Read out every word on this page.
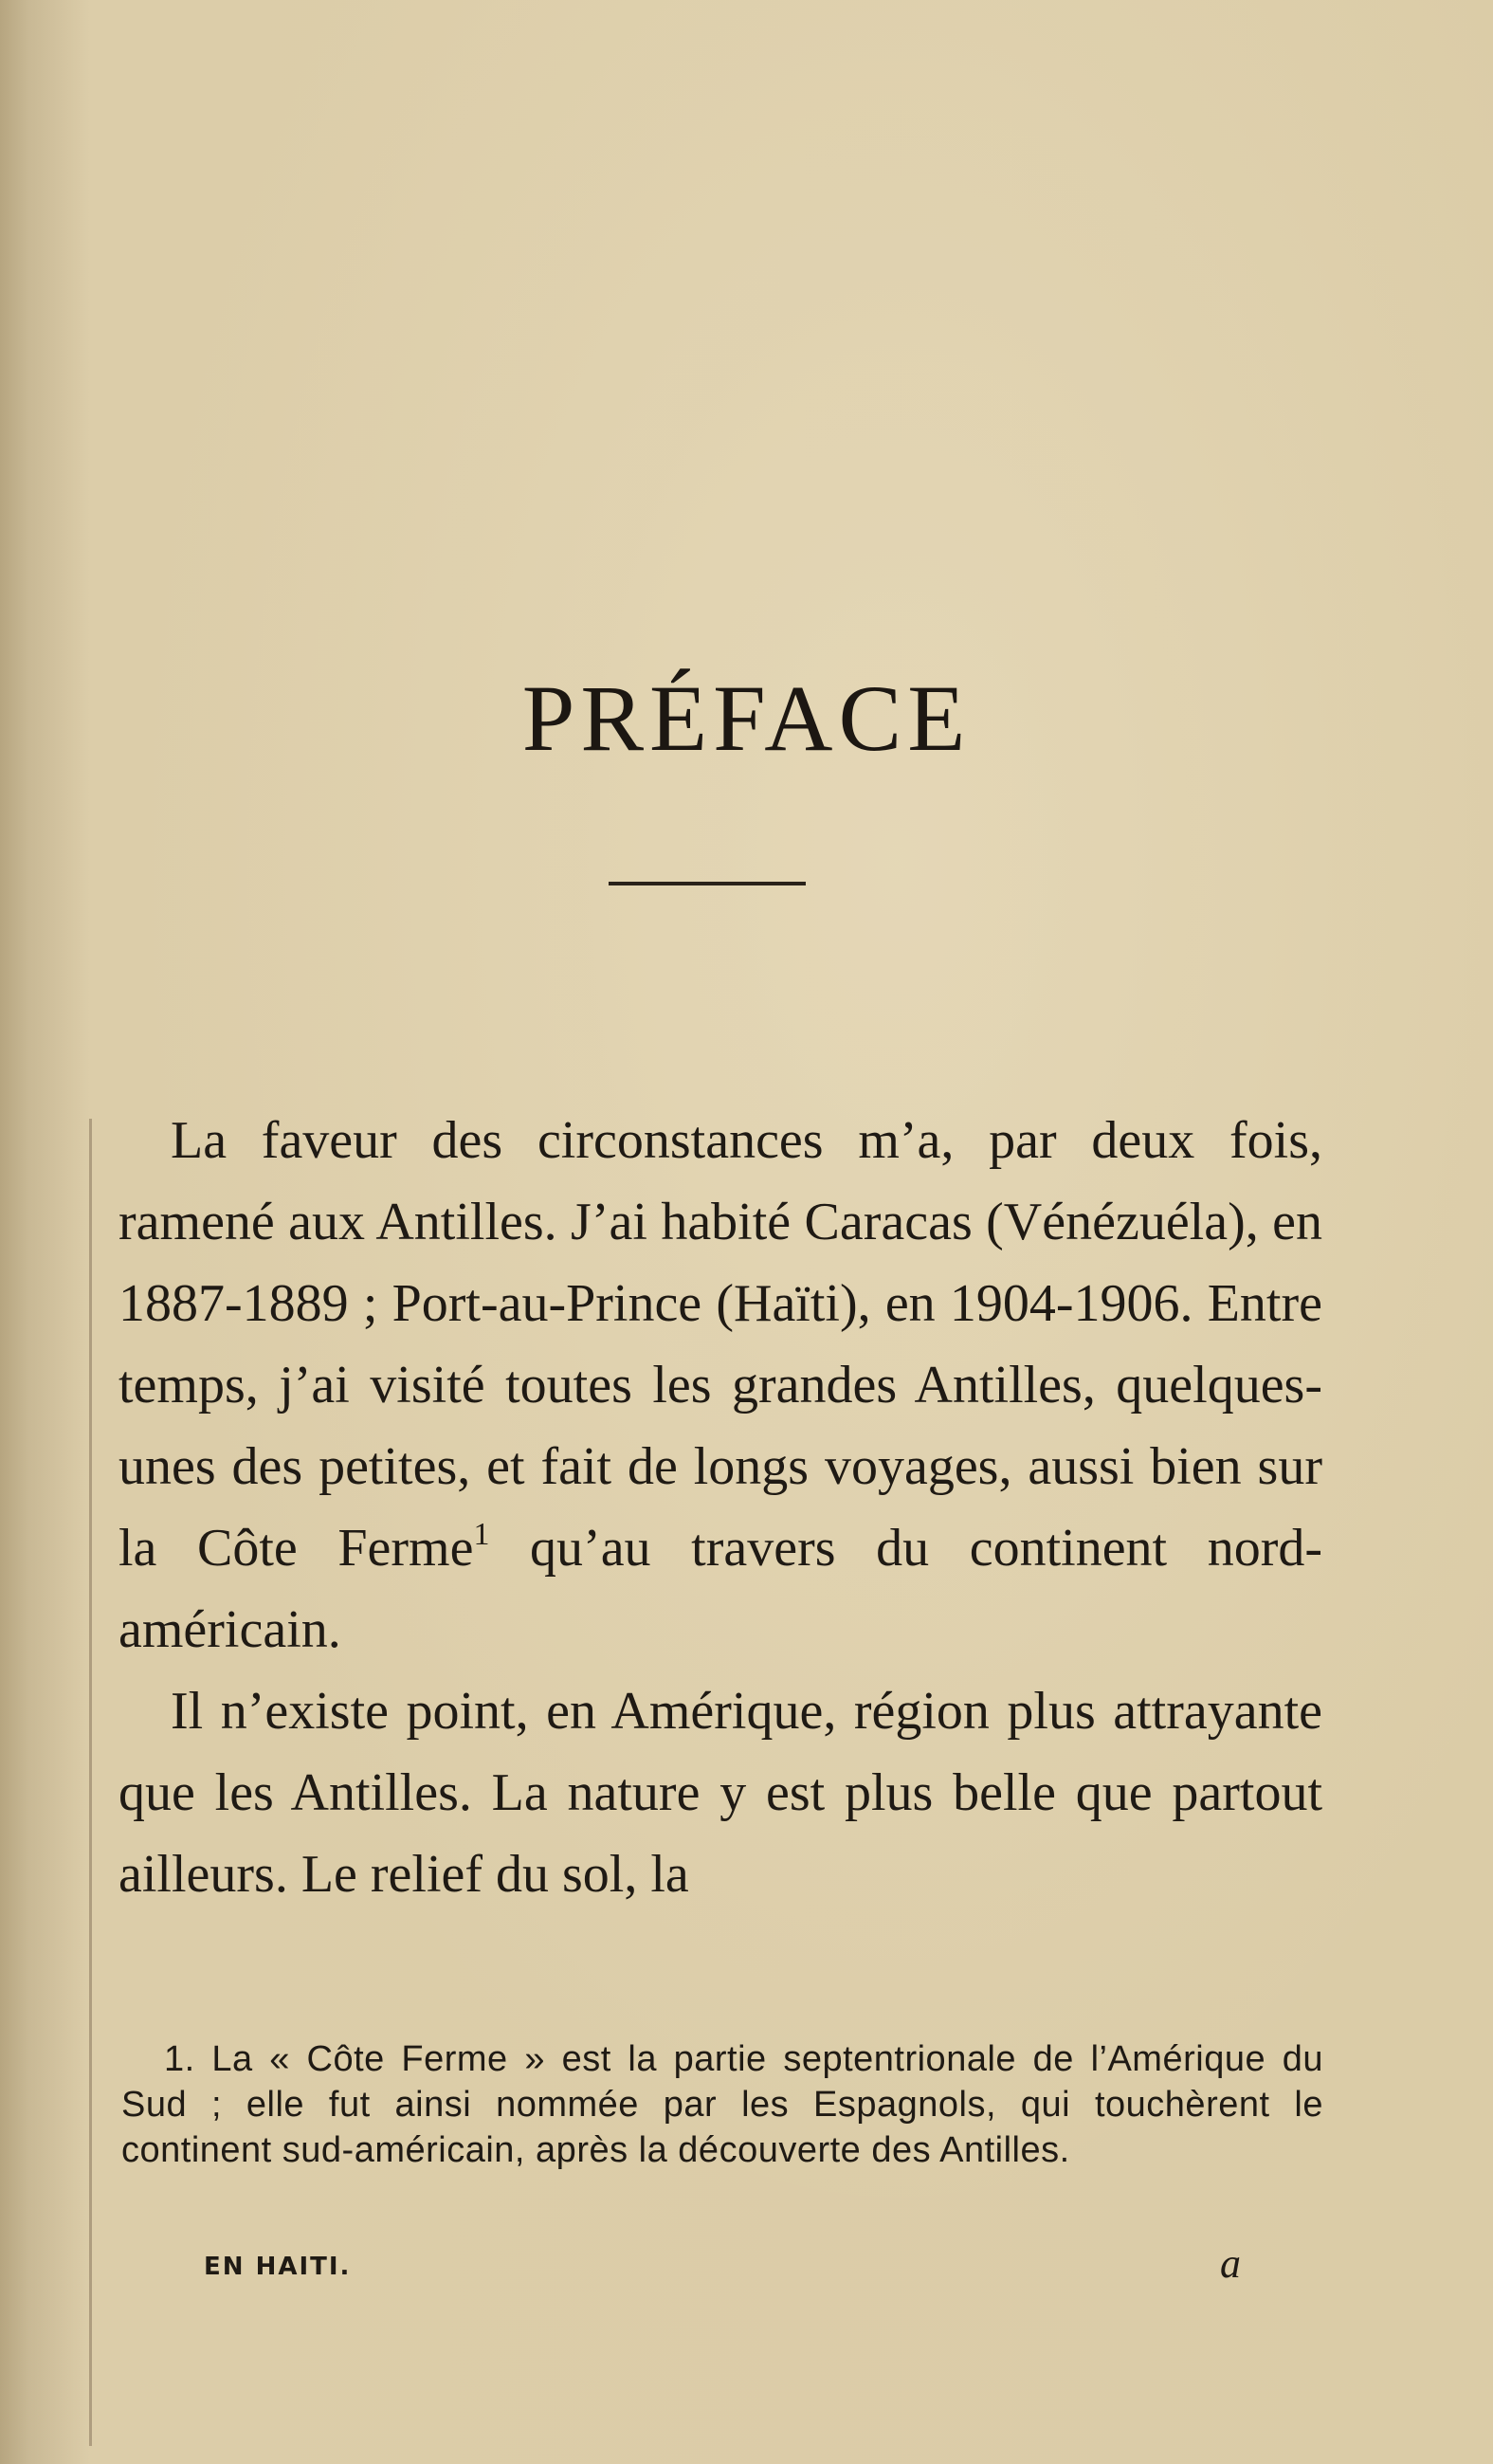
PRÉFACE

La faveur des circonstances m’a, par deux fois, ramené aux Antilles. J’ai habité Caracas (Vénézuéla), en 1887-1889 ; Port-au-Prince (Haïti), en 1904-1906. Entre temps, j’ai visité toutes les grandes Antilles, quelques-unes des petites, et fait de longs voyages, aussi bien sur la Côte Ferme$^1$ qu’au travers du continent nord-américain.

Il n’existe point, en Amérique, région plus attrayante que les Antilles. La nature y est plus belle que partout ailleurs. Le relief du sol, la

1. La « Côte Ferme » est la partie septentrionale de l’Amérique du Sud ; elle fut ainsi nommée par les Espagnols, qui touchèrent le continent sud-américain, après la découverte des Antilles.

EN HAITI.	a
